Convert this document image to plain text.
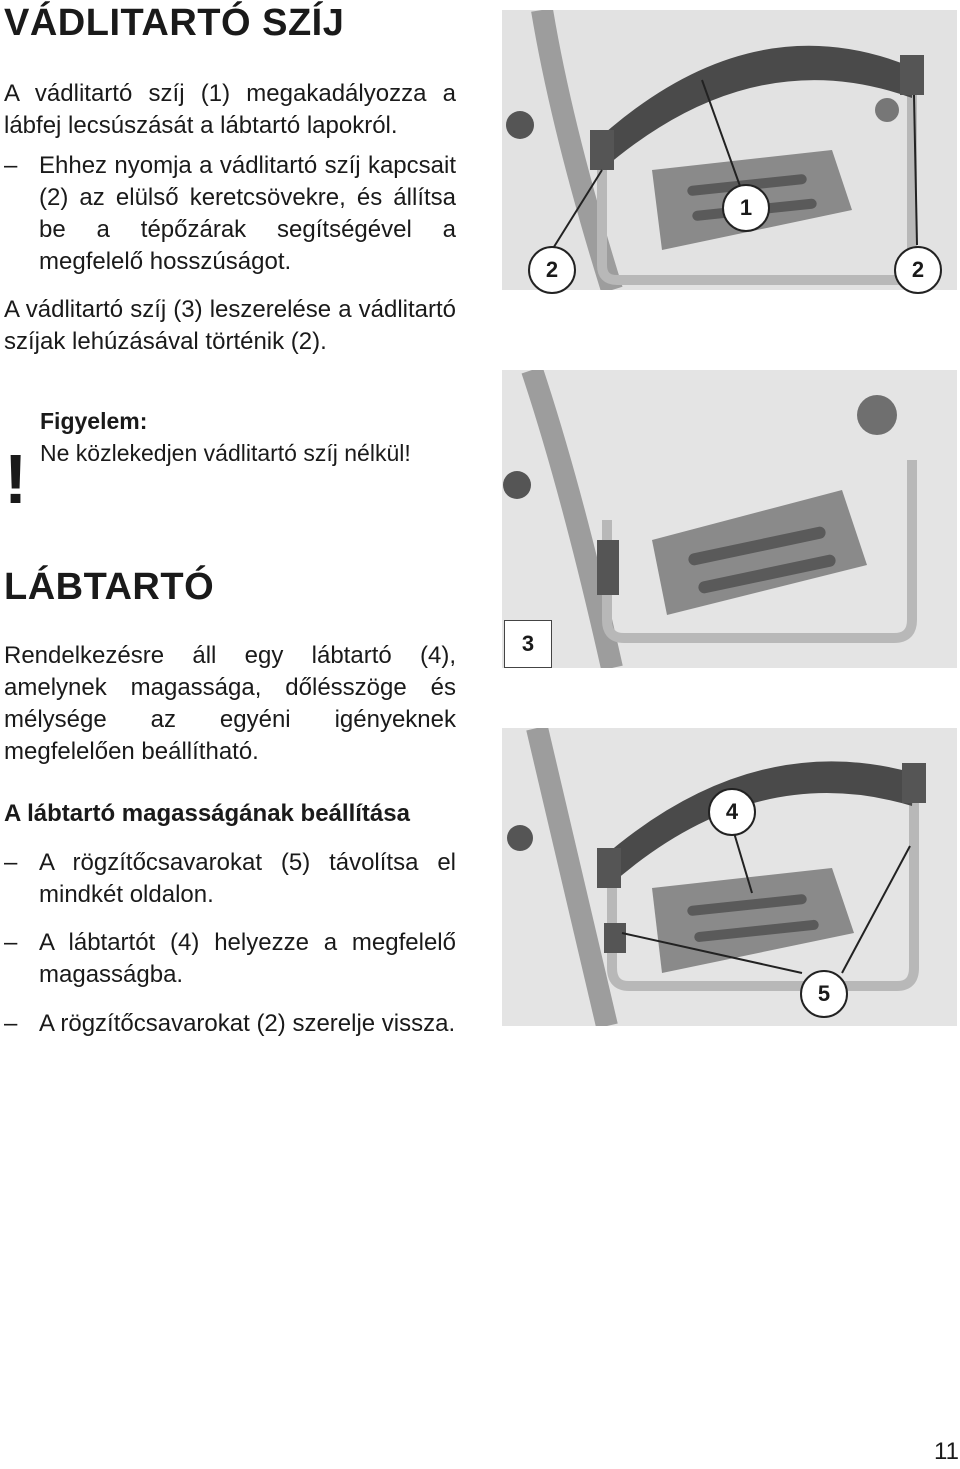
VÁDLITARTÓ SZÍJ

A vádlitartó szíj (1) megakadályozza a lábfej lecsúszását a lábtartó lapokról.

– Ehhez nyomja a vádlitartó szíj kapcsait (2) az elülső keretcsövekre, és állítsa be a tépőzárak segítségével a megfelelő hosszúságot.

A vádlitartó szíj (3) leszerelése a vádlitartó szíjak lehúzásával történik (2).

!
Figyelem:
Ne közlekedjen vádlitartó szíj nélkül!
LÁBTARTÓ

Rendelkezésre áll egy lábtartó (4), amelynek magassága, dőlésszöge és mélysége az egyéni igényeknek megfelelően beállítható.

A lábtartó magasságának beállítása
– A rögzítőcsavarokat (5) távolítsa el mindkét oldalon.
– A lábtartót (4) helyezze a megfelelő magasságba.
– A rögzítőcsavarokat (2) szerelje vissza.
1
2	2
3
4
5
11
